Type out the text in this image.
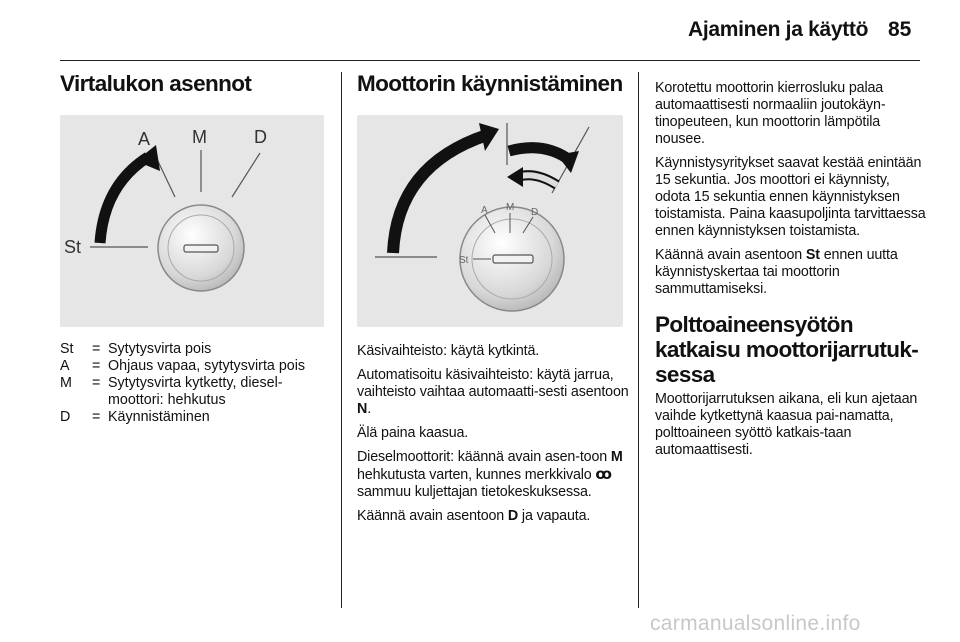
Ajaminen ja käyttö 85
Virtalukon asennot
St
A M	D
St	= Sytytysvirta pois
A	= Ohjaus vapaa, sytytysvirta pois
M	= Sytytysvirta kytketty, diesel-moottori: hehkutus
D	= Käynnistäminen
Moottorin käynnistäminen
A M D
St

Käsivaihteisto: käytä kytkintä.

Automatisoitu käsivaihteisto: käytä jarrua, vaihteisto vaihtaa automaatti-sesti asentoon N.

Älä paina kaasua.

Dieselmoottorit: käännä avain asen-toon M hehkutusta varten, kunnes merkkivalo ꝏ sammuu kuljettajan tietokeskuksessa.

Käännä avain asentoon D ja vapauta.

Korotettu moottorin kierrosluku palaa automaattisesti normaaliin joutokäyn-tinopeuteen, kun moottorin lämpötila nousee.

Käynnistysyritykset saavat kestää enintään 15 sekuntia. Jos moottori ei käynnisty, odota 15 sekuntia ennen käynnistyksen toistamista. Paina kaasupoljinta tarvittaessa ennen käynnistyksen toistamista.

Käännä avain asentoon St ennen uutta käynnistyskertaa tai moottorin sammuttamiseksi.

Polttoaineensyötön katkaisu moottorijarrutuk-sessa

Moottorijarrutuksen aikana, eli kun ajetaan vaihde kytkettynä kaasua pai-namatta, polttoaineen syöttö katkais-taan automaattisesti.

carmanualsonline.info
